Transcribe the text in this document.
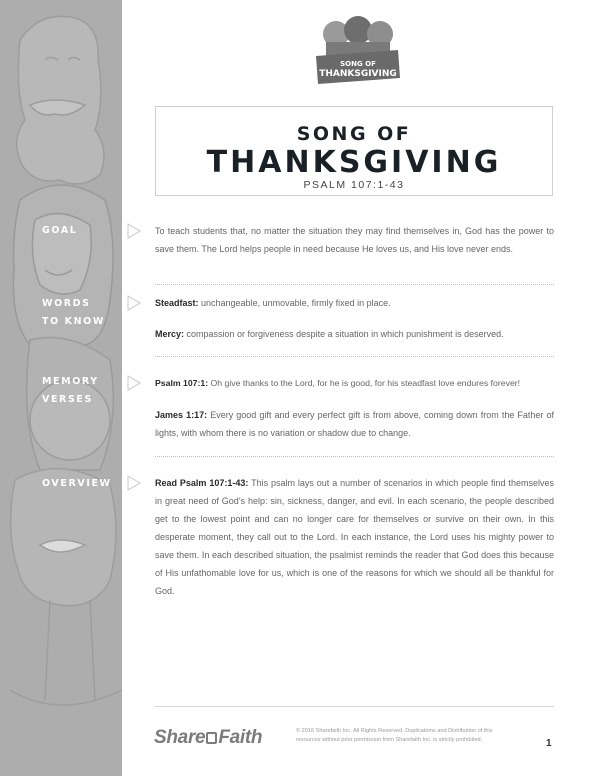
SONG OF
THANKSGIVING
SONG OF
THANKSGIVING
PSALM 107:1-43
GOAL	To teach students that, no matter the situation they may find themselves in, God has the power to save them. The Lord helps people in need because He loves us, and His love never ends.
WORDS
TO KNOW
Steadfast: unchangeable, unmovable, firmly fixed in place.
Mercy: compassion or forgiveness despite a situation in which punishment is deserved.
MEMORY
VERSES
Psalm 107:1: Oh give thanks to the Lord, for he is good, for his steadfast love endures forever!
James 1:17: Every good gift and every perfect gift is from above, coming down from the Father of lights, with whom there is no variation or shadow due to change.
OVERVIEW	Read Psalm 107:1-43: This psalm lays out a number of scenarios in which people find themselves in great need of God's help: sin, sickness, danger, and evil. In each scenario, the people described get to the lowest point and can no longer care for themselves or survive on their own. In this desperate moment, they call out to the Lord. In each instance, the Lord uses his mighty power to save them. In each described situation, the psalmist reminds the reader that God does this because of His unfathomable love for us, which is one of the reasons for which we should all be thankful for God.
Share Faith	© 2016 Sharefaith Inc. All Rights Reserved. Duplications and Distribution of this resources without prior permission from Sharefaith Inc. is strictly prohibited.	1
